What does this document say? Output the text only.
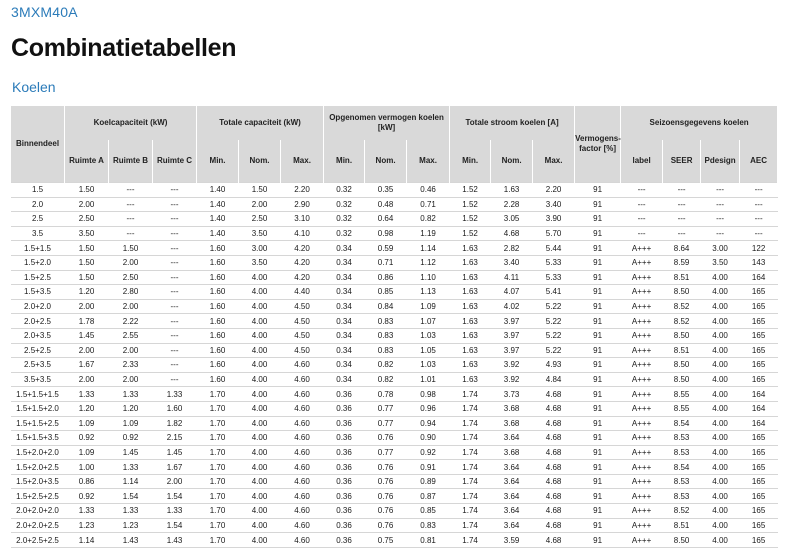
3MXM40A
Combinatietabellen
Koelen
Binnendeel	Koelcapaciteit (kW)			Totale capaciteit (kW)			Opgenomen vermogen koelen [kW]			Totale stroom koelen [A]			Vermogens-factor [%]	Seizoensgegevens koelen			
	Ruimte A	Ruimte B	Ruimte C	Min.	Nom.	Max.	Min.	Nom.	Max.	Min.	Nom.	Max.		label	SEER	Pdesign	AEC
1.5	1.50	---	---	1.40	1.50	2.20	0.32	0.35	0.46	1.52	1.63	2.20	91	---	---	---	---
2.0	2.00	---	---	1.40	2.00	2.90	0.32	0.48	0.71	1.52	2.28	3.40	91	---	---	---	---
2.5	2.50	---	---	1.40	2.50	3.10	0.32	0.64	0.82	1.52	3.05	3.90	91	---	---	---	---
3.5	3.50	---	---	1.40	3.50	4.10	0.32	0.98	1.19	1.52	4.68	5.70	91	---	---	---	---
1.5+1.5	1.50	1.50	---	1.60	3.00	4.20	0.34	0.59	1.14	1.63	2.82	5.44	91	A+++	8.64	3.00	122
1.5+2.0	1.50	2.00	---	1.60	3.50	4.20	0.34	0.71	1.12	1.63	3.40	5.33	91	A+++	8.59	3.50	143
1.5+2.5	1.50	2.50	---	1.60	4.00	4.20	0.34	0.86	1.10	1.63	4.11	5.33	91	A+++	8.51	4.00	164
1.5+3.5	1.20	2.80	---	1.60	4.00	4.40	0.34	0.85	1.13	1.63	4.07	5.41	91	A+++	8.50	4.00	165
2.0+2.0	2.00	2.00	---	1.60	4.00	4.50	0.34	0.84	1.09	1.63	4.02	5.22	91	A+++	8.52	4.00	165
2.0+2.5	1.78	2.22	---	1.60	4.00	4.50	0.34	0.83	1.07	1.63	3.97	5.22	91	A+++	8.52	4.00	165
2.0+3.5	1.45	2.55	---	1.60	4.00	4.50	0.34	0.83	1.03	1.63	3.97	5.22	91	A+++	8.50	4.00	165
2.5+2.5	2.00	2.00	---	1.60	4.00	4.50	0.34	0.83	1.05	1.63	3.97	5.22	91	A+++	8.51	4.00	165
2.5+3.5	1.67	2.33	---	1.60	4.00	4.60	0.34	0.82	1.03	1.63	3.92	4.93	91	A+++	8.50	4.00	165
3.5+3.5	2.00	2.00	---	1.60	4.00	4.60	0.34	0.82	1.01	1.63	3.92	4.84	91	A+++	8.50	4.00	165
1.5+1.5+1.5	1.33	1.33	1.33	1.70	4.00	4.60	0.36	0.78	0.98	1.74	3.73	4.68	91	A+++	8.55	4.00	164
1.5+1.5+2.0	1.20	1.20	1.60	1.70	4.00	4.60	0.36	0.77	0.96	1.74	3.68	4.68	91	A+++	8.55	4.00	164
1.5+1.5+2.5	1.09	1.09	1.82	1.70	4.00	4.60	0.36	0.77	0.94	1.74	3.68	4.68	91	A+++	8.54	4.00	164
1.5+1.5+3.5	0.92	0.92	2.15	1.70	4.00	4.60	0.36	0.76	0.90	1.74	3.64	4.68	91	A+++	8.53	4.00	165
1.5+2.0+2.0	1.09	1.45	1.45	1.70	4.00	4.60	0.36	0.77	0.92	1.74	3.68	4.68	91	A+++	8.53	4.00	165
1.5+2.0+2.5	1.00	1.33	1.67	1.70	4.00	4.60	0.36	0.76	0.91	1.74	3.64	4.68	91	A+++	8.54	4.00	165
1.5+2.0+3.5	0.86	1.14	2.00	1.70	4.00	4.60	0.36	0.76	0.89	1.74	3.64	4.68	91	A+++	8.53	4.00	165
1.5+2.5+2.5	0.92	1.54	1.54	1.70	4.00	4.60	0.36	0.76	0.87	1.74	3.64	4.68	91	A+++	8.53	4.00	165
2.0+2.0+2.0	1.33	1.33	1.33	1.70	4.00	4.60	0.36	0.76	0.85	1.74	3.64	4.68	91	A+++	8.52	4.00	165
2.0+2.0+2.5	1.23	1.23	1.54	1.70	4.00	4.60	0.36	0.76	0.83	1.74	3.64	4.68	91	A+++	8.51	4.00	165
2.0+2.5+2.5	1.14	1.43	1.43	1.70	4.00	4.60	0.36	0.75	0.81	1.74	3.59	4.68	91	A+++	8.50	4.00	165
